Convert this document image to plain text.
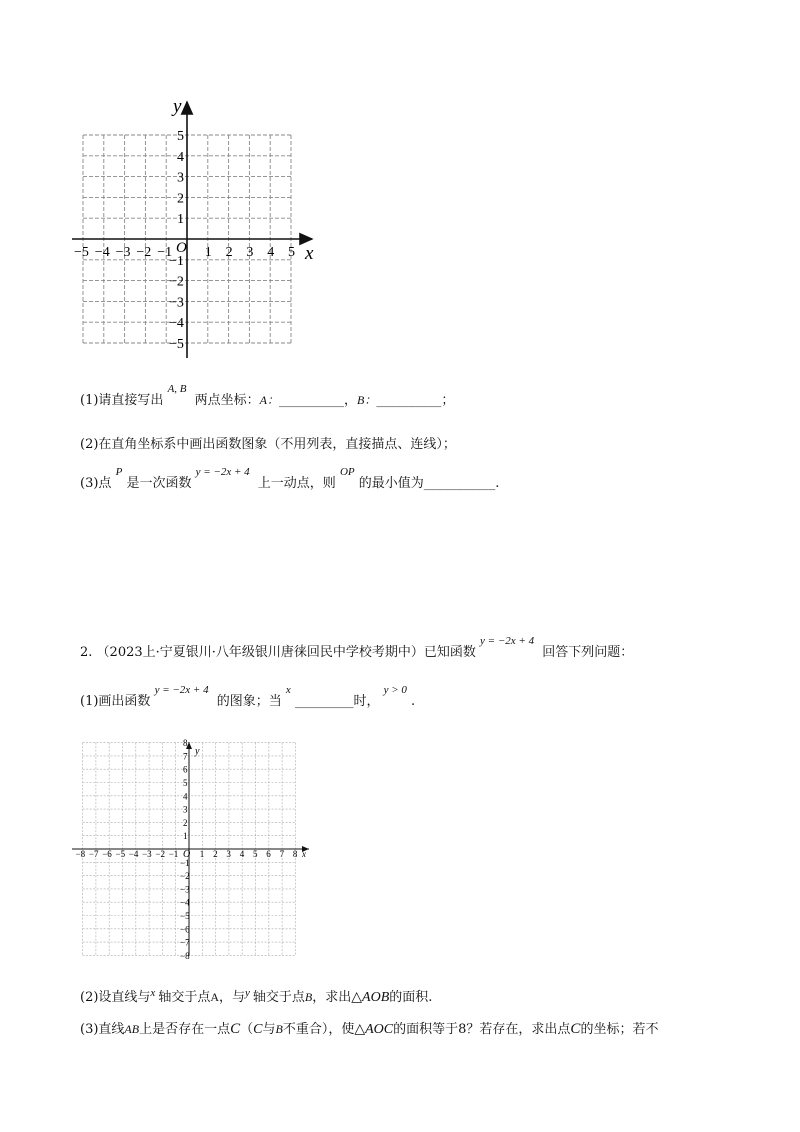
−5 −4 −3 −2 −1 1 2 3 4 5
5
4
3
2
1
−1
−2
−3
−4
−5
x
y
O
(1)请直接写出 $^{A, B}$ 两点坐标：A：__________，B：__________；
(2)在直角坐标系中画出函数图象（不用列表，直接描点、连线）；
(3)点 $^P$ 是一次函数 $^{y = -2x + 4}$ 上一动点，则 $^{OP}$ 的最小值为___________.
2. （2023上·宁夏银川·八年级银川唐徕回民中学校考期中）已知函数 $^{y = -2x + 4}$ 回答下列问题：
(1)画出函数 $^{y = -2x + 4}$ 的图象；当 $^x$ _________时， $^{y > 0}$ .
−8 −7 −6 −5 −4 −3 −2 −1 1 2 3 4 5 6 7 8
8
7
6
5
4
3
2
1
−1
−2
−3
−4
−5
−6
−7
−8
x
y
O
(2)设直线与$^x$ 轴交于点A，与$^y$ 轴交于点B，求出△AOB的面积.
(3)直线AB上是否存在一点C（C与B不重合），使△AOC的面积等于8？若存在，求出点C的坐标；若不
